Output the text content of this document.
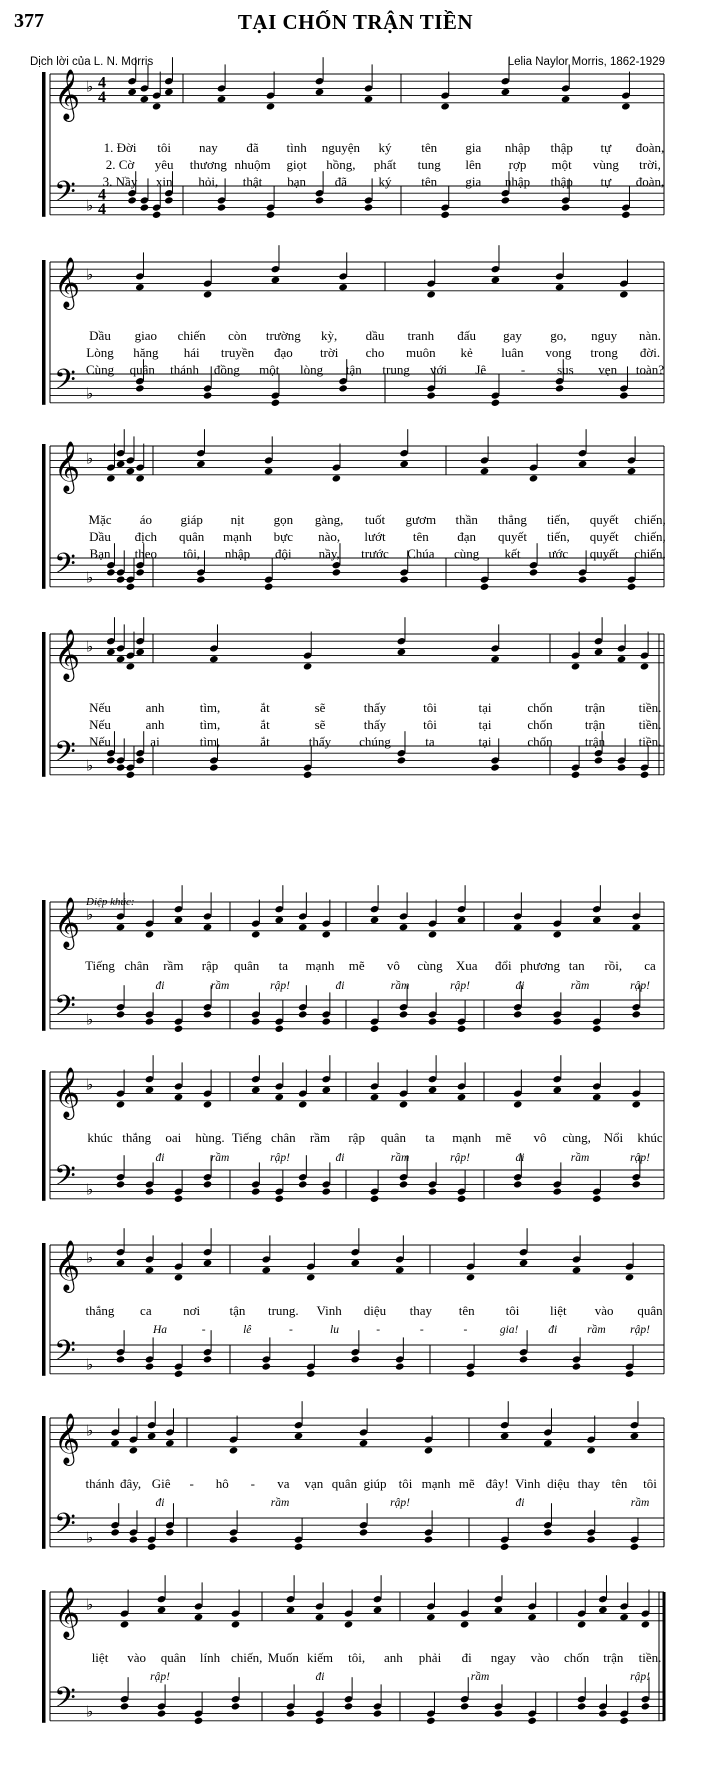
377	TẠI CHỐN TRẬN TIỀN
Dịch lời của L. N. Morris	Lelia Naylor Morris, 1862-1929
𝄞
𝄢
♭
♭
4
4
4
4
1. Đời tôi nay đã tình nguyện ký tên gia nhập thập tự đoàn,
2. Cờ yêu thương nhuộm giọt hồng, phất tung lên rợp một vùng trời,
3. Nầy xin hỏi, thật bạn đã ký tên gia nhập thập tự đoàn,
𝄞
𝄢
♭
♭
Dầu giao chiến còn trường kỳ, dầu tranh đấu gay go, nguy nàn.
Lòng hăng hái truyền đạo trời cho muôn kẻ luân vong trong đời.
Cùng quân thánh đồng một lòng tận trung với Jê	- sus vẹn toàn?
𝄞
𝄢
♭
♭
Mặc áo giáp nịt gọn gàng, tuốt gươm thần thẳng tiến, quyết chiến,
Dầu địch quân mạnh bực nào, lướt tên đạn quyết tiến, quyết chiến,
Bạn theo tôi, nhập đội nầy, trước Chúa cùng kết ước quyết chiến,
𝄞
𝄢
♭
♭
Nếu	anh	tìm,	ắt	sẽ	thấy	tôi	tại	chốn trận	tiền.
Nếu	anh	tìm,	ắt	sẽ	thấy	tôi	tại	chốn trận	tiền.
Nếu	ai	tìm,	ắt	thấy chúng	ta	tại	chốn trận	tiền.
𝄞
𝄢
♭
♭
Tiếng chân rầm rập quân ta mạnh mẽ vô cùng Xua đổi phương tan rồi, ca
đi	rầm	rập!	đi	rầm	rập!	đi	rầm	rập!
𝄞
𝄢
♭
♭
khúc thắng oai hùng. Tiếng chân rầm rập quân ta mạnh mẽ vô cùng, Nổi khúc
đi	rầm	rập!	đi	rầm	rập!	đi	rầm	rập!
𝄞
𝄢
♭
♭
thắng ca nơi tận trung. Vinh diệu thay tên tôi liệt vào quân
Ha	-	lê	-	lu	-	-	-	gia!	đi	rầm rập!
𝄞
𝄢
♭
♭
thánh đây, Giê - hô - va vạn quân giúp tôi mạnh mẽ đây! Vinh diệu thay tên tôi
đi	rầm	rập!	đi	rầm
𝄞
𝄢
♭
♭
liệt vào quân lính chiến, Muốn kiếm tôi, anh phải đi ngay vào chốn trận tiền.
rập!	đi	rầm	rập!
Điệp khúc:
